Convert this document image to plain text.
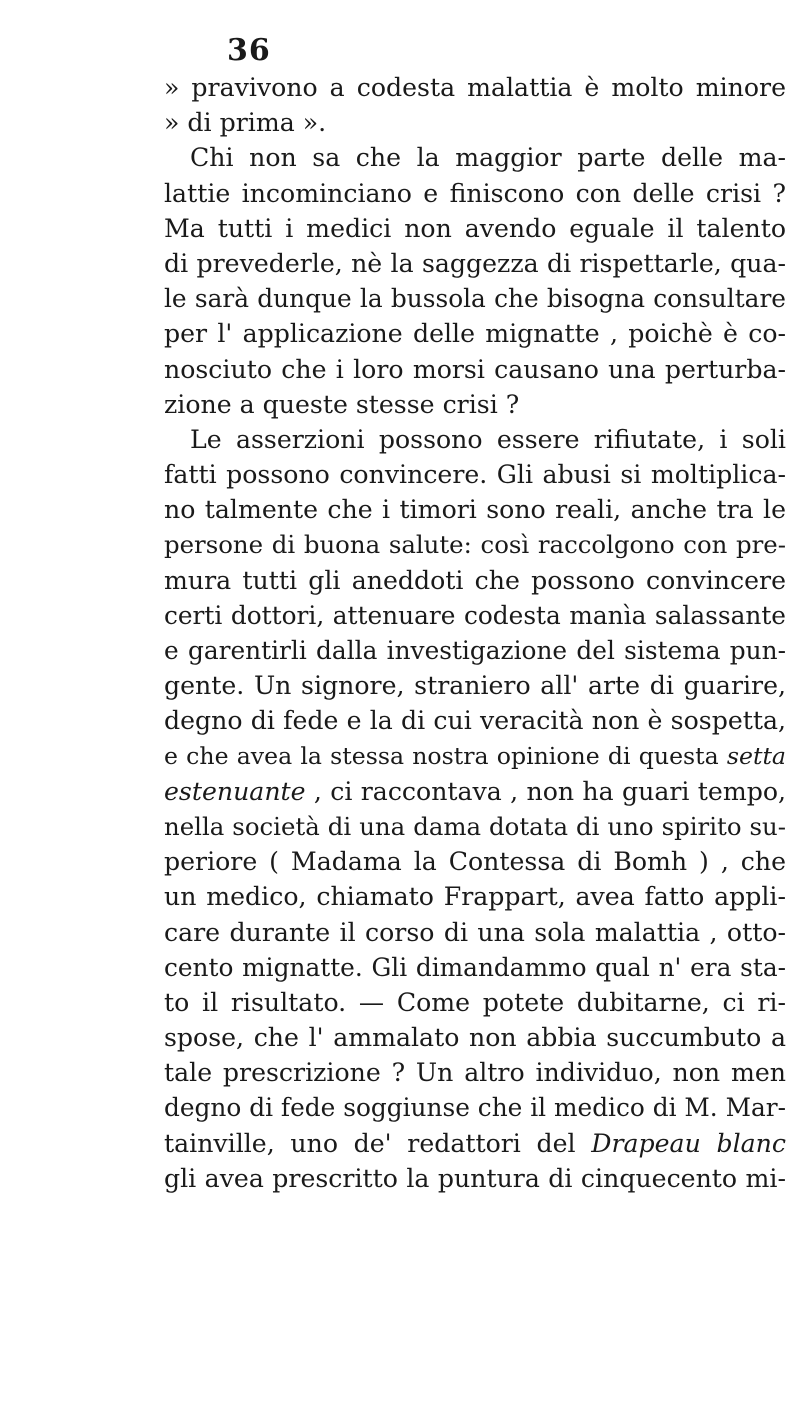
36
» pravivono a codesta malattia è molto minore
» di prima ».
Chi non sa che la maggior parte delle ma-
lattie incominciano e finiscono con delle crisi ?
Ma tutti i medici non avendo eguale il talento
di prevederle, nè la saggezza di rispettarle, qua-
le sarà dunque la bussola che bisogna consultare
per l' applicazione delle mignatte , poichè è co-
nosciuto che i loro morsi causano una perturba-
zione a queste stesse crisi ?
Le asserzioni possono essere rifiutate, i soli
fatti possono convincere. Gli abusi si moltiplica-
no talmente che i timori sono reali, anche tra le
persone di buona salute: così raccolgono con pre-
mura tutti gli aneddoti che possono convincere
certi dottori, attenuare codesta manìa salassante
e garentirli dalla investigazione del sistema pun-
gente. Un signore, straniero all' arte di guarire,
degno di fede e la di cui veracità non è sospetta,
e che avea la stessa nostra opinione di questa setta
estenuante , ci raccontava , non ha guari tempo,
nella società di una dama dotata di uno spirito su-
periore ( Madama la Contessa di Bomh ) , che
un medico, chiamato Frappart, avea fatto appli-
care durante il corso di una sola malattia , otto-
cento mignatte. Gli dimandammo qual n' era sta-
to il risultato. — Come potete dubitarne, ci ri-
spose, che l' ammalato non abbia succumbuto a
tale prescrizione ? Un altro individuo, non men
degno di fede soggiunse che il medico di M. Mar-
tainville, uno de' redattori del Drapeau blanc
gli avea prescritto la puntura di cinquecento mi-
